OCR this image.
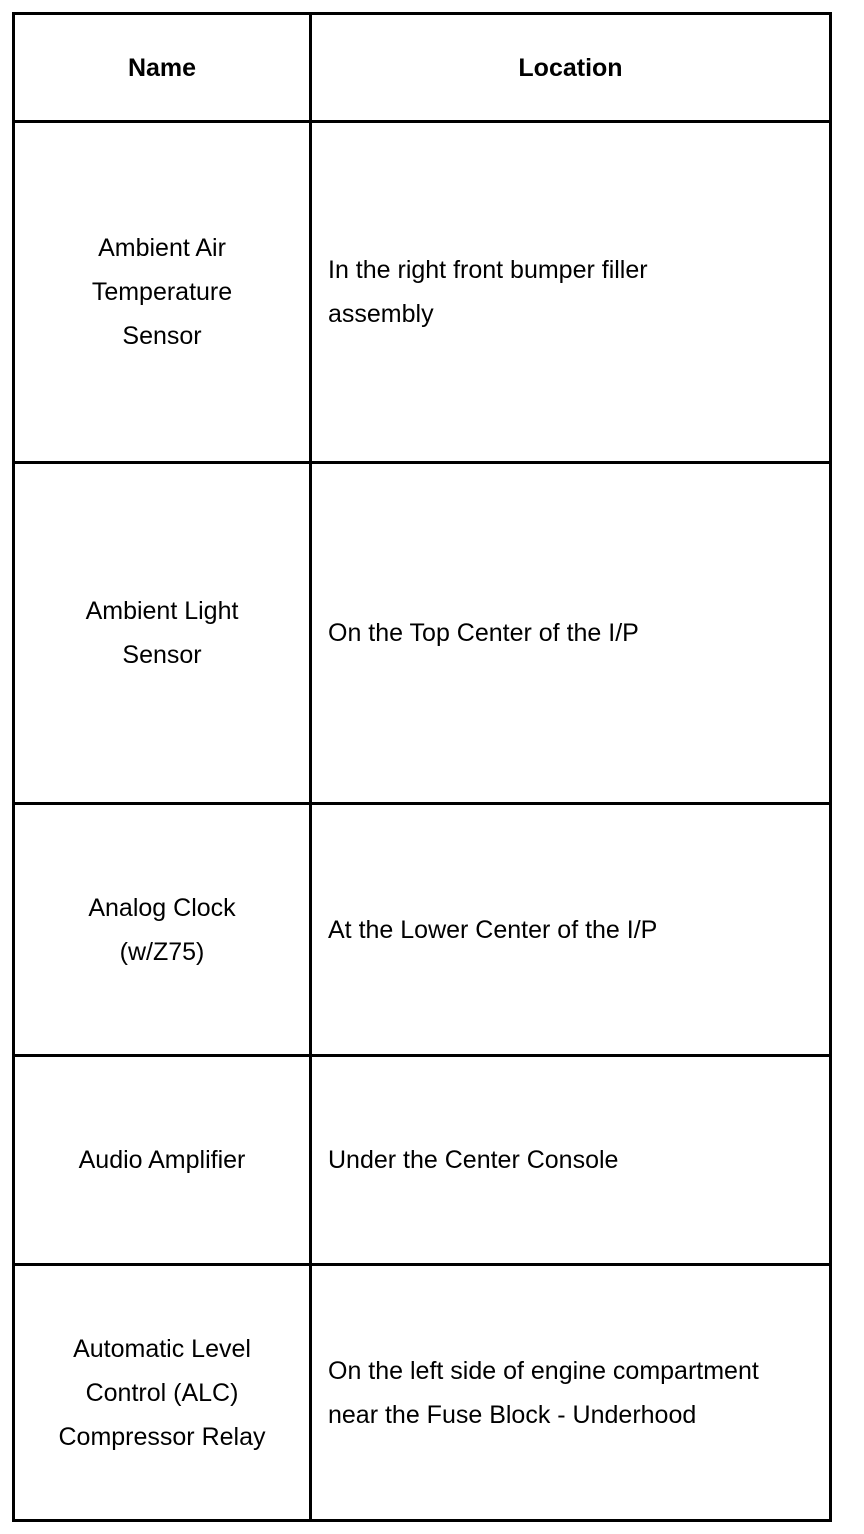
Name	Location
Ambient Air Temperature Sensor
In the right front bumper filler assembly
Ambient Light Sensor
On the Top Center of the I/P
Analog Clock (w/Z75)
At the Lower Center of the I/P
Audio Amplifier	Under the Center Console
Automatic Level Control (ALC) Compressor Relay
On the left side of engine compartment near the Fuse Block - Underhood
